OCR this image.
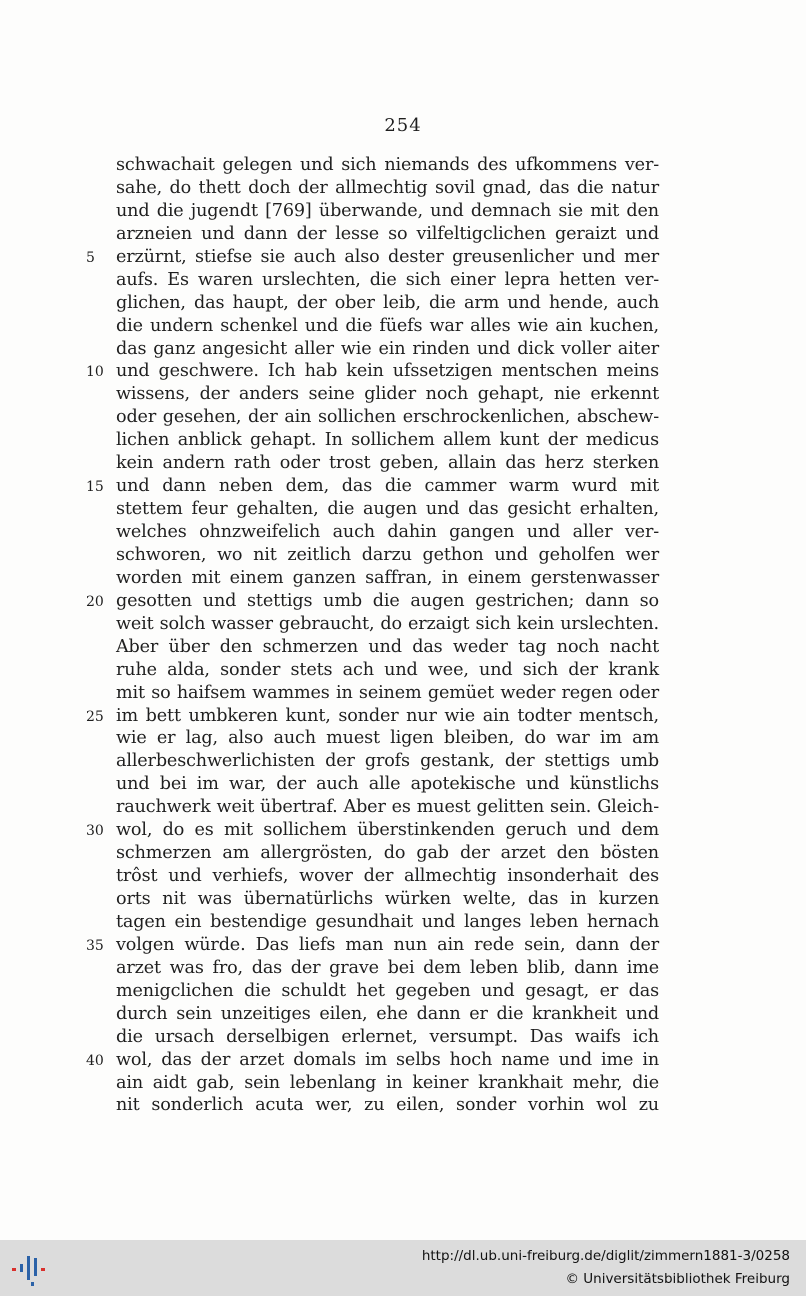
254
schwachait gelegen und sich niemands des ufkommens ver-
sahe, do thett doch der allmechtig sovil gnad, das die natur
und die jugendt [769] überwande, und demnach sie mit den
arzneien und dann der lesse so vilfeltigclichen geraizt und
5	erzürnt, stiefse sie auch also dester greusenlicher und mer
aufs. Es waren urslechten, die sich einer lepra hetten ver-
glichen, das haupt, der ober leib, die arm und hende, auch
die undern schenkel und die füefs war alles wie ain kuchen,
das ganz angesicht aller wie ein rinden und dick voller aiter
10 und geschwere. Ich hab kein ufssetzigen mentschen meins
wissens, der anders seine glider noch gehapt, nie erkennt
oder gesehen, der ain sollichen erschrockenlichen, abschew-
lichen anblick gehapt. In sollichem allem kunt der medicus
kein andern rath oder trost geben, allain das herz sterken
15 und dann neben dem, das die cammer warm wurd mit
stettem feur gehalten, die augen und das gesicht erhalten,
welches ohnzweifelich auch dahin gangen und aller ver-
schworen, wo nit zeitlich darzu gethon und geholfen wer
worden mit einem ganzen saffran, in einem gerstenwasser
20 gesotten und stettigs umb die augen gestrichen; dann so
weit solch wasser gebraucht, do erzaigt sich kein urslechten.
Aber über den schmerzen und das weder tag noch nacht
ruhe alda, sonder stets ach und wee, und sich der krank
mit so haifsem wammes in seinem gemüet weder regen oder
25 im bett umbkeren kunt, sonder nur wie ain todter mentsch,
wie er lag, also auch muest ligen bleiben, do war im am
allerbeschwerlichisten der grofs gestank, der stettigs umb
und bei im war, der auch alle apotekische und künstlichs
rauchwerk weit übertraf. Aber es muest gelitten sein. Gleich-
30 wol, do es mit sollichem überstinkenden geruch und dem
schmerzen am allergrösten, do gab der arzet den bösten
trôst und verhiefs, wover der allmechtig insonderhait des
orts nit was übernatürlichs würken welte, das in kurzen
tagen ein bestendige gesundhait und langes leben hernach
35 volgen würde. Das liefs man nun ain rede sein, dann der
arzet was fro, das der grave bei dem leben blib, dann ime
menigclichen die schuldt het gegeben und gesagt, er das
durch sein unzeitiges eilen, ehe dann er die krankheit und
die ursach derselbigen erlernet, versumpt. Das waifs ich
40 wol, das der arzet domals im selbs hoch name und ime in
ain aidt gab, sein lebenlang in keiner krankhait mehr, die
nit sonderlich acuta wer, zu eilen, sonder vorhin wol zu
http://dl.ub.uni-freiburg.de/diglit/zimmern1881-3/0258
© Universitätsbibliothek Freiburg
